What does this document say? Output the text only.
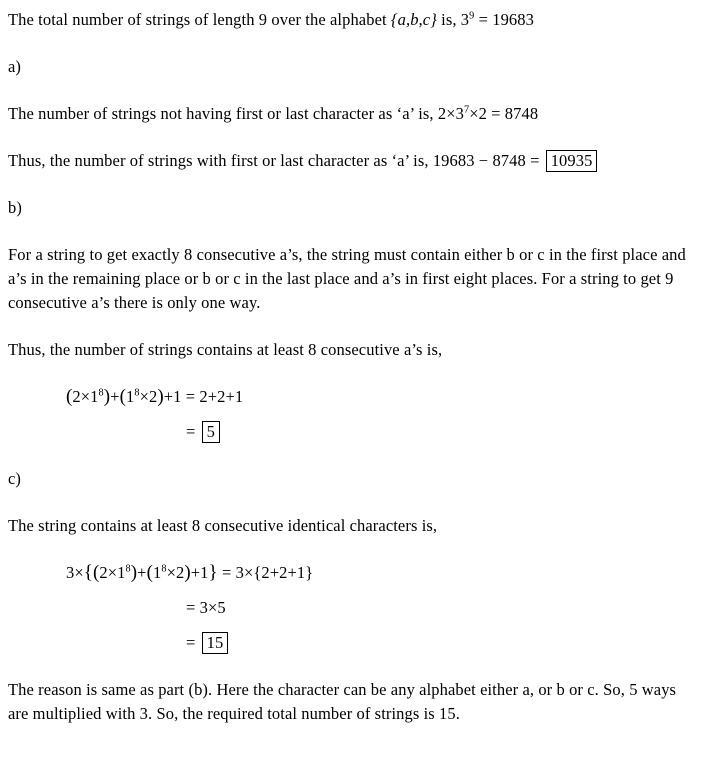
The total number of strings of length 9 over the alphabet {a,b,c} is, $3^9 = 19683$
a)
The number of strings not having first or last character as ‘a’ is, $2\times 3^7\times 2 = 8748$
Thus, the number of strings with first or last character as ‘a’ is, 19683 − 8748 = 10935
b)
For a string to get exactly 8 consecutive a’s, the string must contain either b or c in the first place and a’s in the remaining place or b or c in the last place and a’s in first eight places. For a string to get 9 consecutive a’s there is only one way.
Thus, the number of strings contains at least 8 consecutive a’s is,
$(2\times 1^8)+(1^8\times 2)+1 = 2+2+1$
= 5
c)
The string contains at least 8 consecutive identical characters is,
$3\times\{(2\times 1^8)+(1^8\times 2)+1\} = 3\times\{2+2+1\}$
= 3×5
= 15
The reason is same as part (b). Here the character can be any alphabet either a, or b or c. So, 5 ways are multiplied with 3. So, the required total number of strings is 15.
